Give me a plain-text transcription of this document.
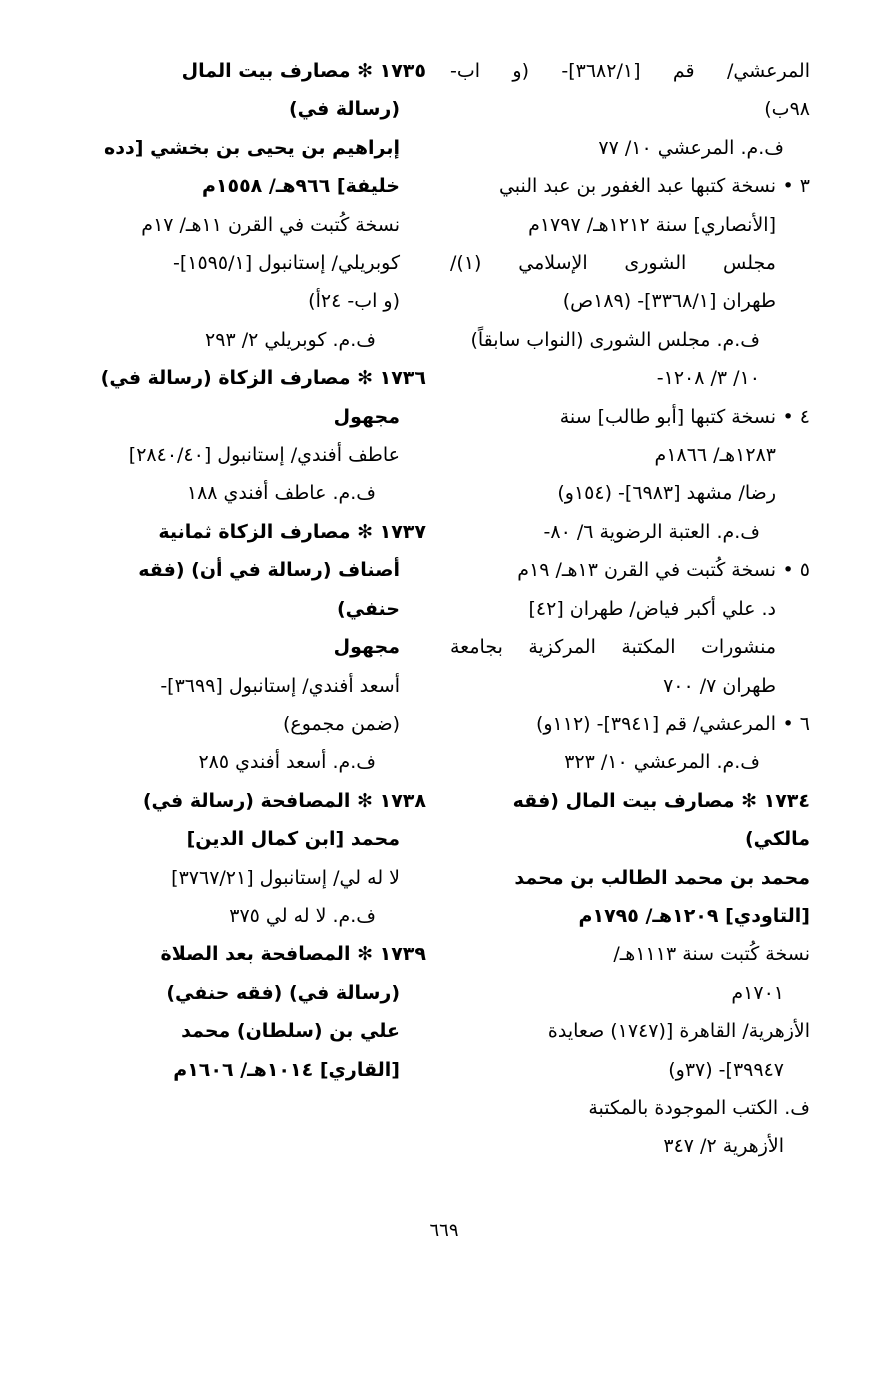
المرعشي/ قم [٣٦٨٢/١]- (و اب-
٩٨ب)
ف.م. المرعشي ١٠/ ٧٧
٣ •نسخة كتبها عبد الغفور بن عبد النبي
[الأنصاري] سنة ١٢١٢هـ/ ١٧٩٧م
مجلس الشورى الإسلامي (١)/
طهران [٣٣٦٨/١]- (١٨٩ص)
ف.م. مجلس الشورى (النواب سابقاً)
١٠/ ٣/ ١٢٠٨-
٤ •نسخة كتبها [أبو طالب] سنة
١٢٨٣هـ/ ١٨٦٦م
رضا/ مشهد [٦٩٨٣]- (١٥٤و)
ف.م. العتبة الرضوية ٦/ ٨٠-
٥ •نسخة كُتبت في القرن ١٣هـ/ ١٩م
د. علي أكبر فياض/ طهران [٤٢]
منشورات المكتبة المركزية بجامعة
طهران ٧/ ٧٠٠
٦ •المرعشي/ قم [٣٩٤١]- (١١٢و)
ف.م. المرعشي ١٠/ ٣٢٣
١٧٣٤ ✻ مصارف بيت المال (فقه
مالكي)
محمد بن محمد الطالب بن محمد
[التاودي] ١٢٠٩هـ/ ١٧٩٥م
نسخة كُتبت سنة ١١١٣هـ/
١٧٠١م
الأزهرية/ القاهرة [(١٧٤٧) صعايدة
٣٩٩٤٧]- (٣٧و)
ف. الكتب الموجودة بالمكتبة
الأزهرية ٢/ ٣٤٧
١٧٣٥ ✻ مصارف بيت المال
(رسالة في)
إبراهيم بن يحيى بن بخشي [دده
خليفة] ٩٦٦هـ/ ١٥٥٨م
نسخة كُتبت في القرن ١١هـ/ ١٧م
كوبريلي/ إستانبول [١٥٩٥/١]-
(و اب- ٢٤أ)
ف.م. كوبريلي ٢/ ٢٩٣
١٧٣٦ ✻ مصارف الزكاة (رسالة في)
مجهول
عاطف أفندي/ إستانبول [٢٨٤٠/٤٠]
ف.م. عاطف أفندي ١٨٨
١٧٣٧ ✻ مصارف الزكاة ثمانية
أصناف (رسالة في أن) (فقه
حنفي)
مجهول
أسعد أفندي/ إستانبول [٣٦٩٩]-
(ضمن مجموع)
ف.م. أسعد أفندي ٢٨٥
١٧٣٨ ✻ المصافحة (رسالة في)
محمد [ابن كمال الدين]
لا له لي/ إستانبول [٣٧٦٧/٢١]
ف.م. لا له لي ٣٧٥
١٧٣٩ ✻ المصافحة بعد الصلاة
(رسالة في) (فقه حنفي)
علي بن (سلطان) محمد
[القاري] ١٠١٤هـ/ ١٦٠٦م
٦٦٩
